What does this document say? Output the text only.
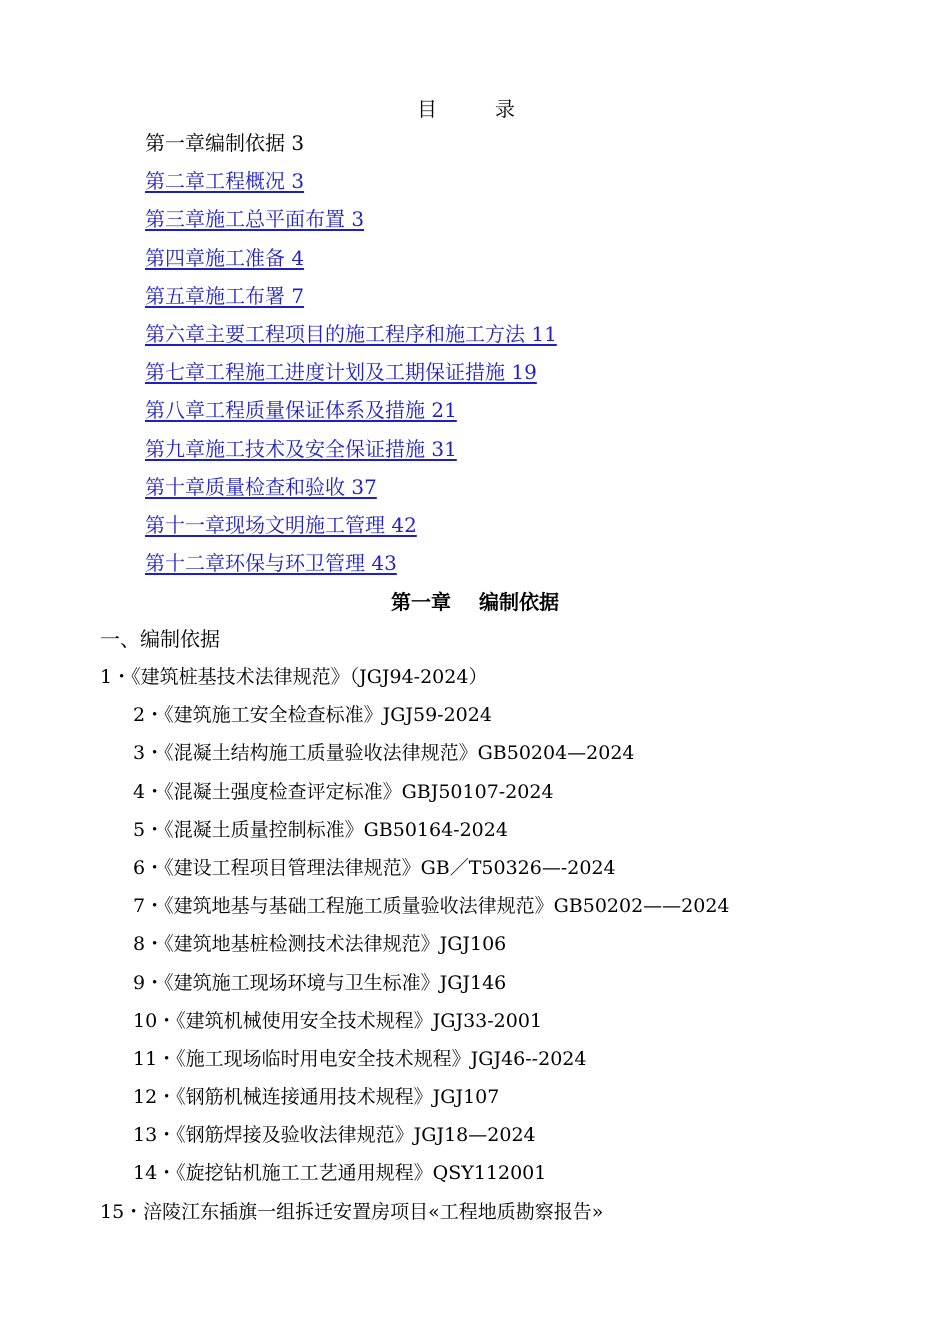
目录
第一章编制依据 3
第二章工程概况 3
第三章施工总平面布置 3
第四章施工准备 4
第五章施工布署 7
第六章主要工程项目的施工程序和施工方法 11
第七章工程施工进度计划及工期保证措施 19
第八章工程质量保证体系及措施 21
第九章施工技术及安全保证措施 31
第十章质量检查和验收 37
第十一章现场文明施工管理 42
第十二章环保与环卫管理 43
第一章 编制依据
一、编制依据
1・《建筑桩基技术法律规范》（JGJ94-2024）
2・《建筑施工安全检查标准》JGJ59-2024
3・《混凝土结构施工质量验收法律规范》GB50204—2024
4・《混凝土强度检查评定标准》GBJ50107-2024
5・《混凝土质量控制标准》GB50164-2024
6・《建设工程项目管理法律规范》GB／T50326—-2024
7・《建筑地基与基础工程施工质量验收法律规范》GB50202——2024
8・《建筑地基桩检测技术法律规范》JGJ106
9・《建筑施工现场环境与卫生标准》JGJ146
10・《建筑机械使用安全技术规程》JGJ33-2001
11・《施工现场临时用电安全技术规程》JGJ46--2024
12・《钢筋机械连接通用技术规程》JGJ107
13・《钢筋焊接及验收法律规范》JGJ18—2024
14・《旋挖钻机施工工艺通用规程》QSY112001
15・涪陵江东插旗一组拆迁安置房项目«工程地质勘察报告»
